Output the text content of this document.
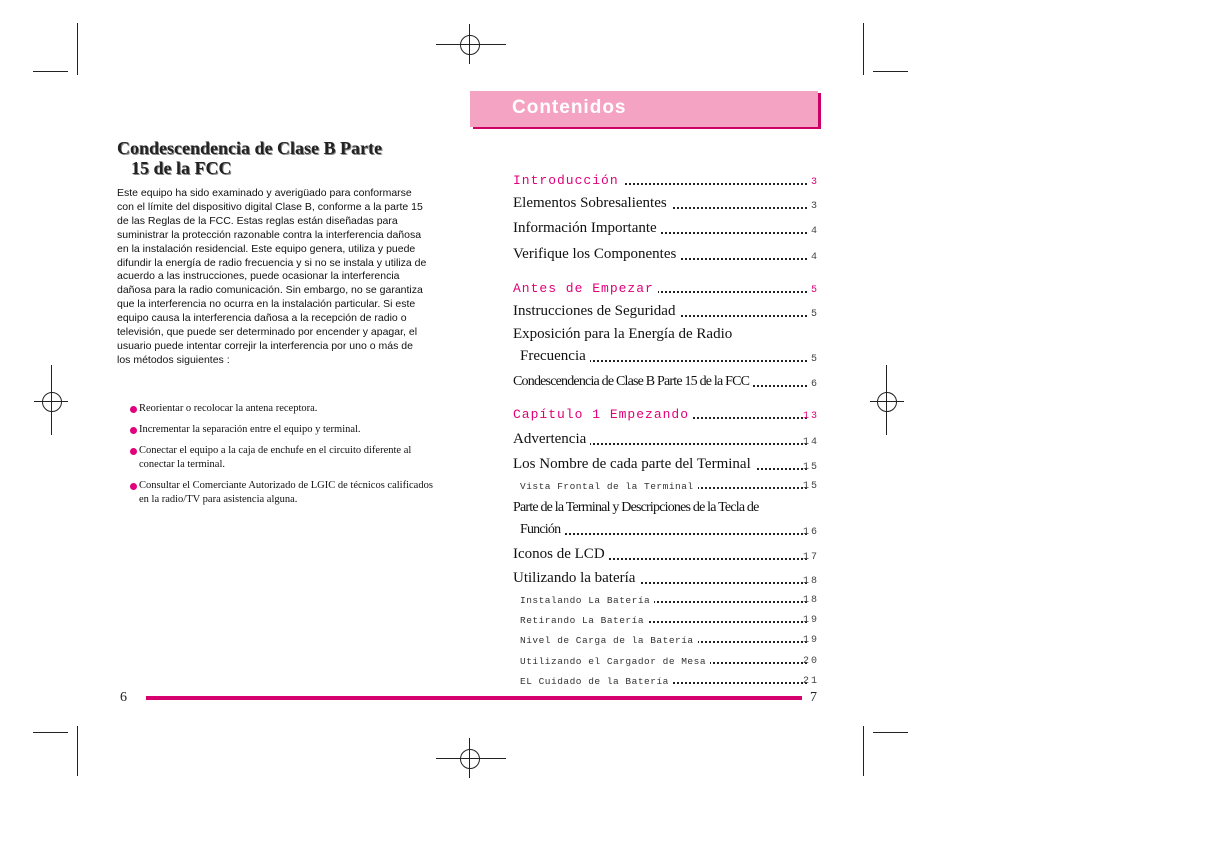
Condescendencia de Clase B Parte
15 de la FCC
Este equipo ha sido examinado y averigüado para conformarse con el límite del dispositivo digital Clase B, conforme a la parte 15 de las Reglas de la FCC. Estas reglas están diseñadas para suministrar la protección razonable contra la interferencia dañosa en la instalación residencial. Este equipo genera, utiliza y puede difundir la energía de radio frecuencia y si no se instala y utiliza de acuerdo a las instrucciones, puede ocasionar la interferencia dañosa para la radio comunicación. Sin embargo, no se garantiza que la interferencia no ocurra en la instalación particular. Si este equipo causa la interferencia dañosa a la recepción de radio o televisión, que puede ser determinado por encender y apagar, el usuario puede intentar correjir la interferencia por uno o más de los métodos siguientes :
Reorientar o recolocar la antena receptora.
Incrementar la separación entre el equipo y terminal.
Conectar el equipo a la caja de enchufe en el circuito diferente al conectar la terminal.
Consultar el Comerciante Autorizado de LGIC de técnicos calificados en la radio/TV para asistencia alguna.
Contenidos
Introducción	3
Elementos Sobresalientes	3
Información Importante	4
Verifique los Componentes	4
Antes de Empezar	5
Instrucciones de Seguridad	5
Exposición para la Energía de Radio
Frecuencia	5
Condescendencia de Clase B Parte 15 de la FCC	6
Capítulo 1 Empezando	13
Advertencia	14
Los Nombre de cada parte del Terminal	15
Vista Frontal de la Terminal	15
Parte de la Terminal y Descripciones de la Tecla de
Función	16
Iconos de LCD	17
Utilizando la batería	18
Instalando La Batería	18
Retirando La Batería	19
Nivel de Carga de la Batería	19
Utilizando el Cargador de Mesa	20
EL Cuidado de la Batería	21
6	7
